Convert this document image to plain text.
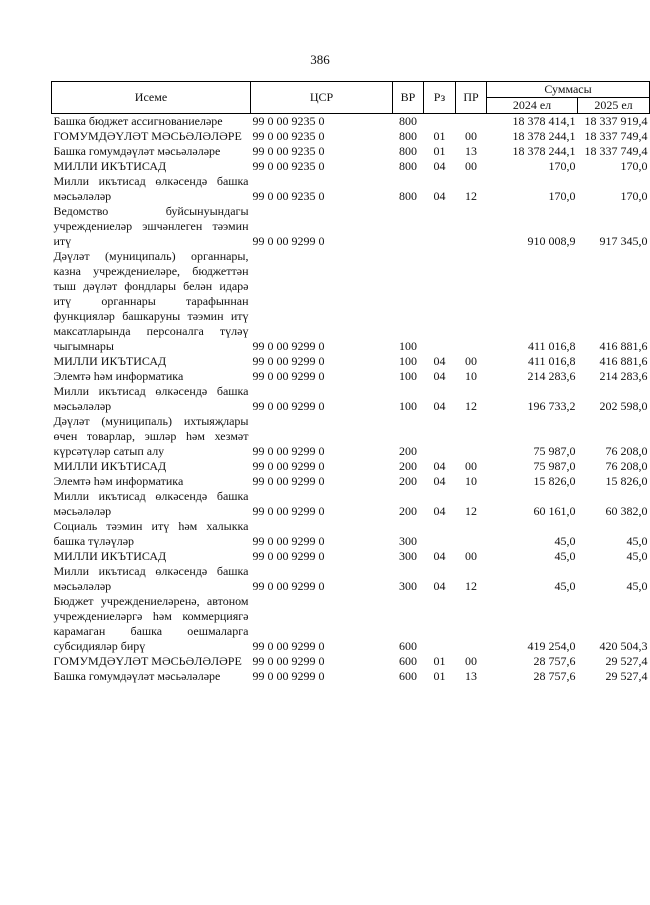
386
Исеме	ЦСР	ВР	Рз	ПР	Суммасы	
					2024 ел	2025 ел
Башка бюджет ассигнованиеләре	99 0 00 9235 0	800			18 378 414,1	18 337 919,4
ГОМУМДӘҮЛӘТ МӘСЬӘЛӘЛӘРЕ	99 0 00 9235 0	800	01	00	18 378 244,1	18 337 749,4
Башка гомумдәүләт мәсьәләләре	99 0 00 9235 0	800	01	13	18 378 244,1	18 337 749,4
МИЛЛИ ИКЪТИСАД	99 0 00 9235 0	800	04	00	170,0	170,0
Милли икътисад өлкәсендә башка мәсьәләләр	99 0 00 9235 0	800	04	12	170,0	170,0
Ведомство буйсынуындагы учреждениеләр эшчәнлеген тәэмин итү	99 0 00 9299 0				910 008,9	917 345,0
Дәүләт (муниципаль) органнары, казна учреждениеләре, бюджеттән тыш дәүләт фондлары белән идарә итү органнары тарафыннан функцияләр башкаруны тәэмин итү максатларында персоналга түләү чыгымнары	99 0 00 9299 0	100			411 016,8	416 881,6
МИЛЛИ ИКЪТИСАД	99 0 00 9299 0	100	04	00	411 016,8	416 881,6
Элемтә һәм информатика	99 0 00 9299 0	100	04	10	214 283,6	214 283,6
Милли икътисад өлкәсендә башка мәсьәләләр	99 0 00 9299 0	100	04	12	196 733,2	202 598,0
Дәүләт (муниципаль) ихтыяҗлары өчен товарлар, эшләр һәм хезмәт күрсәтүләр сатып алу	99 0 00 9299 0	200			75 987,0	76 208,0
МИЛЛИ ИКЪТИСАД	99 0 00 9299 0	200	04	00	75 987,0	76 208,0
Элемтә һәм информатика	99 0 00 9299 0	200	04	10	15 826,0	15 826,0
Милли икътисад өлкәсендә башка мәсьәләләр	99 0 00 9299 0	200	04	12	60 161,0	60 382,0
Социаль тәэмин итү һәм халыкка башка түләүләр	99 0 00 9299 0	300			45,0	45,0
МИЛЛИ ИКЪТИСАД	99 0 00 9299 0	300	04	00	45,0	45,0
Милли икътисад өлкәсендә башка мәсьәләләр	99 0 00 9299 0	300	04	12	45,0	45,0
Бюджет учреждениеләренә, автоном учреждениеләргә һәм коммерциягә карамаган башка оешмаларга субсидияләр бирү	99 0 00 9299 0	600			419 254,0	420 504,3
ГОМУМДӘҮЛӘТ МӘСЬӘЛӘЛӘРЕ	99 0 00 9299 0	600	01	00	28 757,6	29 527,4
Башка гомумдәүләт мәсьәләләре	99 0 00 9299 0	600	01	13	28 757,6	29 527,4
